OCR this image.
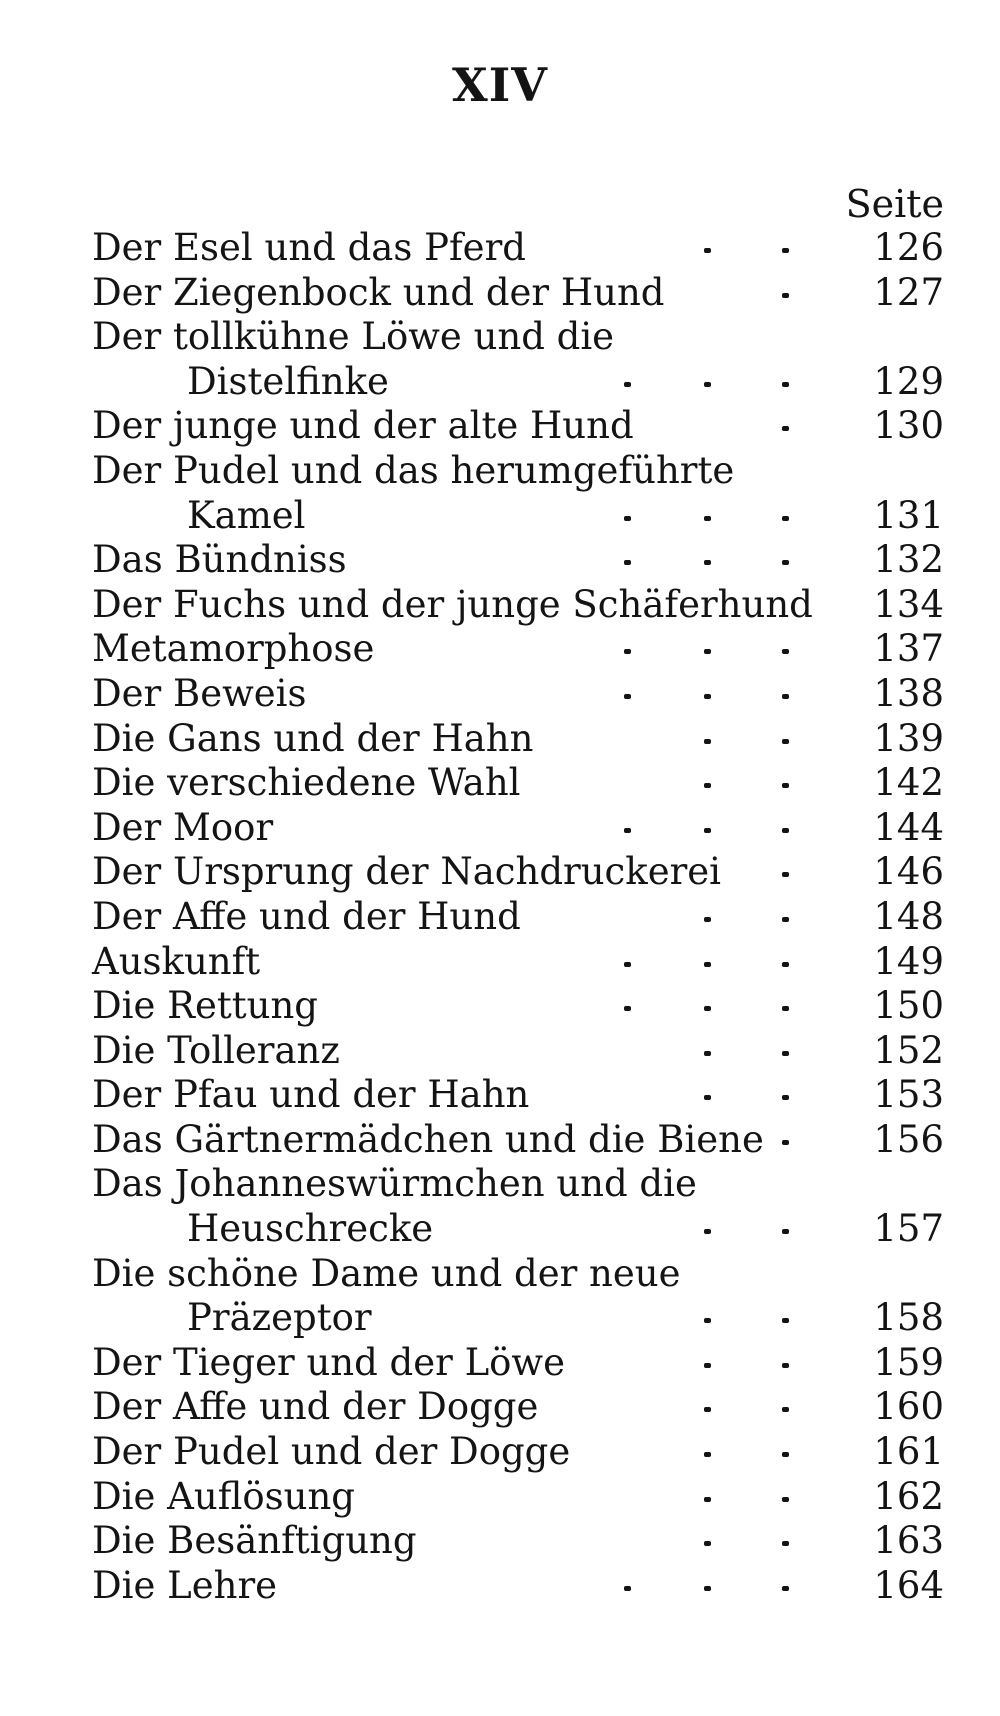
XIV
Seite
Der Esel und das Pferd	126
Der Ziegenbock und der Hund	127
Der tollkühne Löwe und die
Distelfinke	129
Der junge und der alte Hund	130
Der Pudel und das herumgeführte
Kamel	131
Das Bündniss	132
Der Fuchs und der junge Schäferhund	134
Metamorphose	137
Der Beweis	138
Die Gans und der Hahn	139
Die verschiedene Wahl	142
Der Moor	144
Der Ursprung der Nachdruckerei	146
Der Affe und der Hund	148
Auskunft	149
Die Rettung	150
Die Tolleranz	152
Der Pfau und der Hahn	153
Das Gärtnermädchen und die Biene	156
Das Johanneswürmchen und die
Heuschrecke	157
Die schöne Dame und der neue
Präzeptor	158
Der Tieger und der Löwe	159
Der Affe und der Dogge	160
Der Pudel und der Dogge	161
Die Auflösung	162
Die Besänftigung	163
Die Lehre	164
